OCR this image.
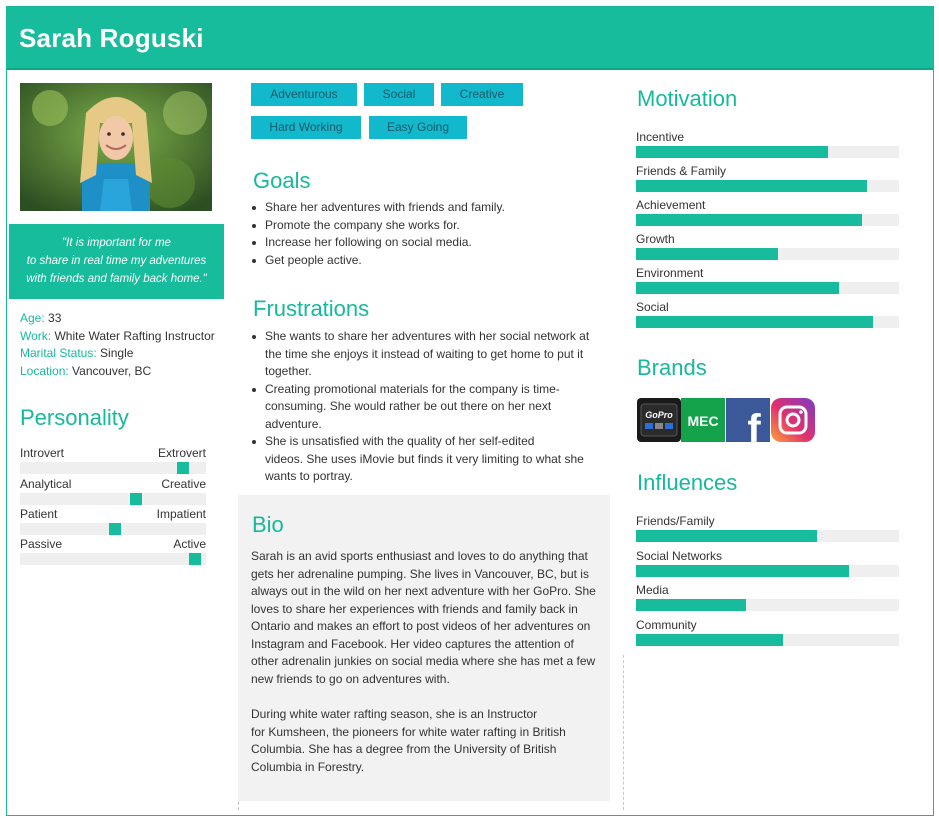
Sarah Roguski
"It is important for me
to share in real time my adventures
with friends and family back home."
Age: 33
Work: White Water Rafting Instructor
Marital Status: Single
Location: Vancouver, BC
Personality
Introvert	Extrovert
Analytical	Creative
Patient	Impatient
Passive	Active
Adventurous	Social	Creative
Hard Working	Easy Going
Goals
Share her adventures with friends and family.
Promote the company she works for.
Increase her following on social media.
Get people active.
Frustrations
She wants to share her adventures with her social network at
the time she enjoys it instead of waiting to get home to put it
together.
Creating promotional materials for the company is time-
consuming. She would rather be out there on her next
adventure.
She is unsatisfied with the quality of her self-edited
videos. She uses iMovie but finds it very limiting to what she
wants to portray.
Bio

Sarah is an avid sports enthusiast and loves to do anything that
gets her adrenaline pumping. She lives in Vancouver, BC, but is
always out in the wild on her next adventure with her GoPro. She
loves to share her experiences with friends and family back in
Ontario and makes an effort to post videos of her adventures on
Instagram and Facebook. Her video captures the attention of
other adrenalin junkies on social media where she has met a few
new friends to go on adventures with.

During white water rafting season, she is an Instructor
for Kumsheen, the pioneers for white water rafting in British
Columbia. She has a degree from the University of British
Columbia in Forestry.

Motivation
Incentive
Friends & Family
Achievement
Growth
Environment
Social
Brands
GoPro MEC f
Influences
Friends/Family
Social Networks
Media
Community
